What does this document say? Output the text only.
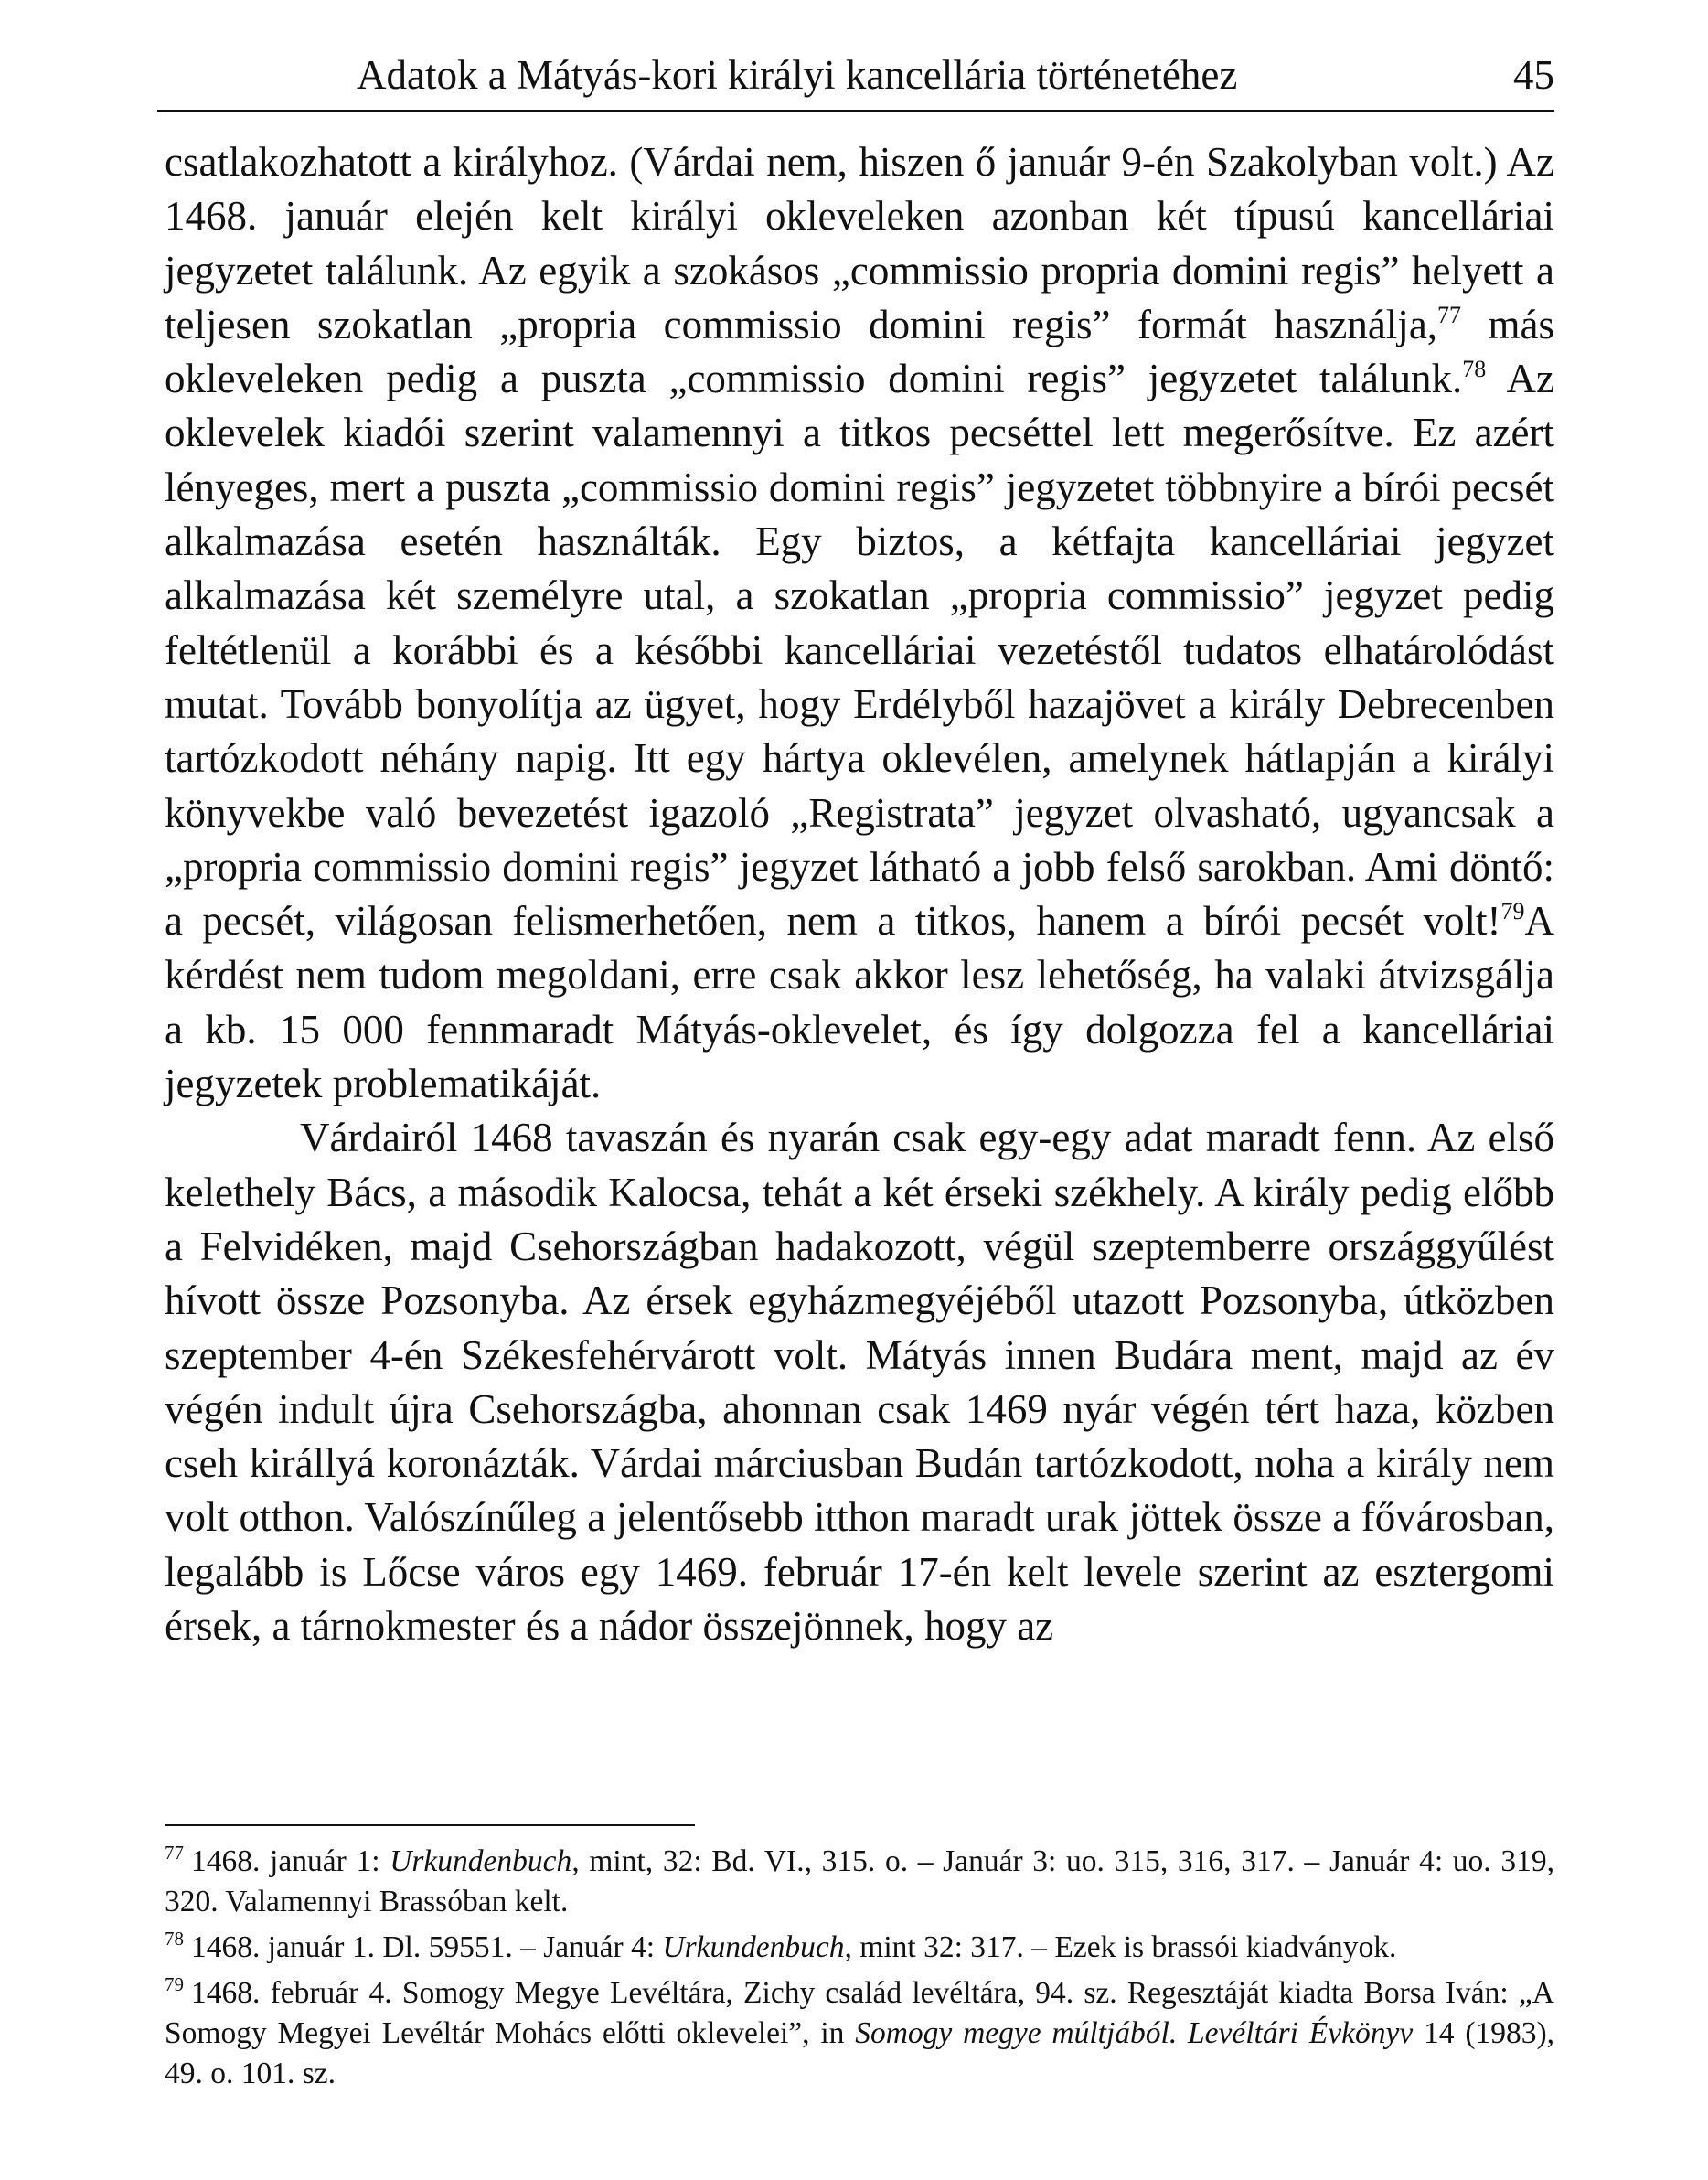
Adatok a Mátyás-kori királyi kancellária történetéhez	45

csatlakozhatott a királyhoz. (Várdai nem, hiszen ő január 9-én Szakolyban volt.) Az 1468. január elején kelt királyi okleveleken azonban két típusú kancelláriai jegyzetet találunk. Az egyik a szokásos „commissio propria domini regis” helyett a teljesen szokatlan „propria commissio domini regis” formát használja,$^{77}$ más okleveleken pedig a puszta „commissio domini regis” jegyzetet találunk.$^{78}$ Az oklevelek kiadói szerint valamennyi a titkos pecséttel lett megerősítve. Ez azért lényeges, mert a puszta „commissio domini regis” jegyzetet többnyire a bírói pecsét alkalmazása esetén használták. Egy biztos, a kétfajta kancelláriai jegyzet alkalmazása két személyre utal, a szokatlan „propria commissio” jegyzet pedig feltétlenül a korábbi és a későbbi kancelláriai vezetéstől tudatos elhatárolódást mutat. Tovább bonyolítja az ügyet, hogy Erdélyből hazajövet a király Debrecenben tartózkodott néhány napig. Itt egy hártya oklevélen, amelynek hátlapján a királyi könyvekbe való bevezetést igazoló „Registrata” jegyzet olvasható, ugyancsak a „propria commissio domini regis” jegyzet látható a jobb felső sarokban. Ami döntő: a pecsét, világosan felismerhetően, nem a titkos, hanem a bírói pecsét volt!$^{79}$A kérdést nem tudom megoldani, erre csak akkor lesz lehetőség, ha valaki átvizsgálja a kb. 15 000 fennmaradt Mátyás-oklevelet, és így dolgozza fel a kancelláriai jegyzetek problematikáját.

Várdairól 1468 tavaszán és nyarán csak egy-egy adat maradt fenn. Az első kelethely Bács, a második Kalocsa, tehát a két érseki székhely. A király pedig előbb a Felvidéken, majd Csehországban hadakozott, végül szeptemberre országgyűlést hívott össze Pozsonyba. Az érsek egyházmegyéjéből utazott Pozsonyba, útközben szeptember 4-én Székesfehérvárott volt. Mátyás innen Budára ment, majd az év végén indult újra Csehországba, ahonnan csak 1469 nyár végén tért haza, közben cseh királlyá koronázták. Várdai márciusban Budán tartózkodott, noha a király nem volt otthon. Valószínűleg a jelentősebb itthon maradt urak jöttek össze a fővárosban, legalább is Lőcse város egy 1469. február 17-én kelt levele szerint az esztergomi érsek, a tárnokmester és a nádor összejönnek, hogy az

$^{77}$ 1468. január 1: Urkundenbuch, mint, 32: Bd. VI., 315. o. – Január 3: uo. 315, 316, 317. – Január 4: uo. 319, 320. Valamennyi Brassóban kelt.

$^{78}$ 1468. január 1. Dl. 59551. – Január 4: Urkundenbuch, mint 32: 317. – Ezek is brassói kiadványok.

$^{79}$ 1468. február 4. Somogy Megye Levéltára, Zichy család levéltára, 94. sz. Regesztáját kiadta Borsa Iván: „A Somogy Megyei Levéltár Mohács előtti oklevelei”, in Somogy megye múltjából. Levéltári Évkönyv 14 (1983), 49. o. 101. sz.
